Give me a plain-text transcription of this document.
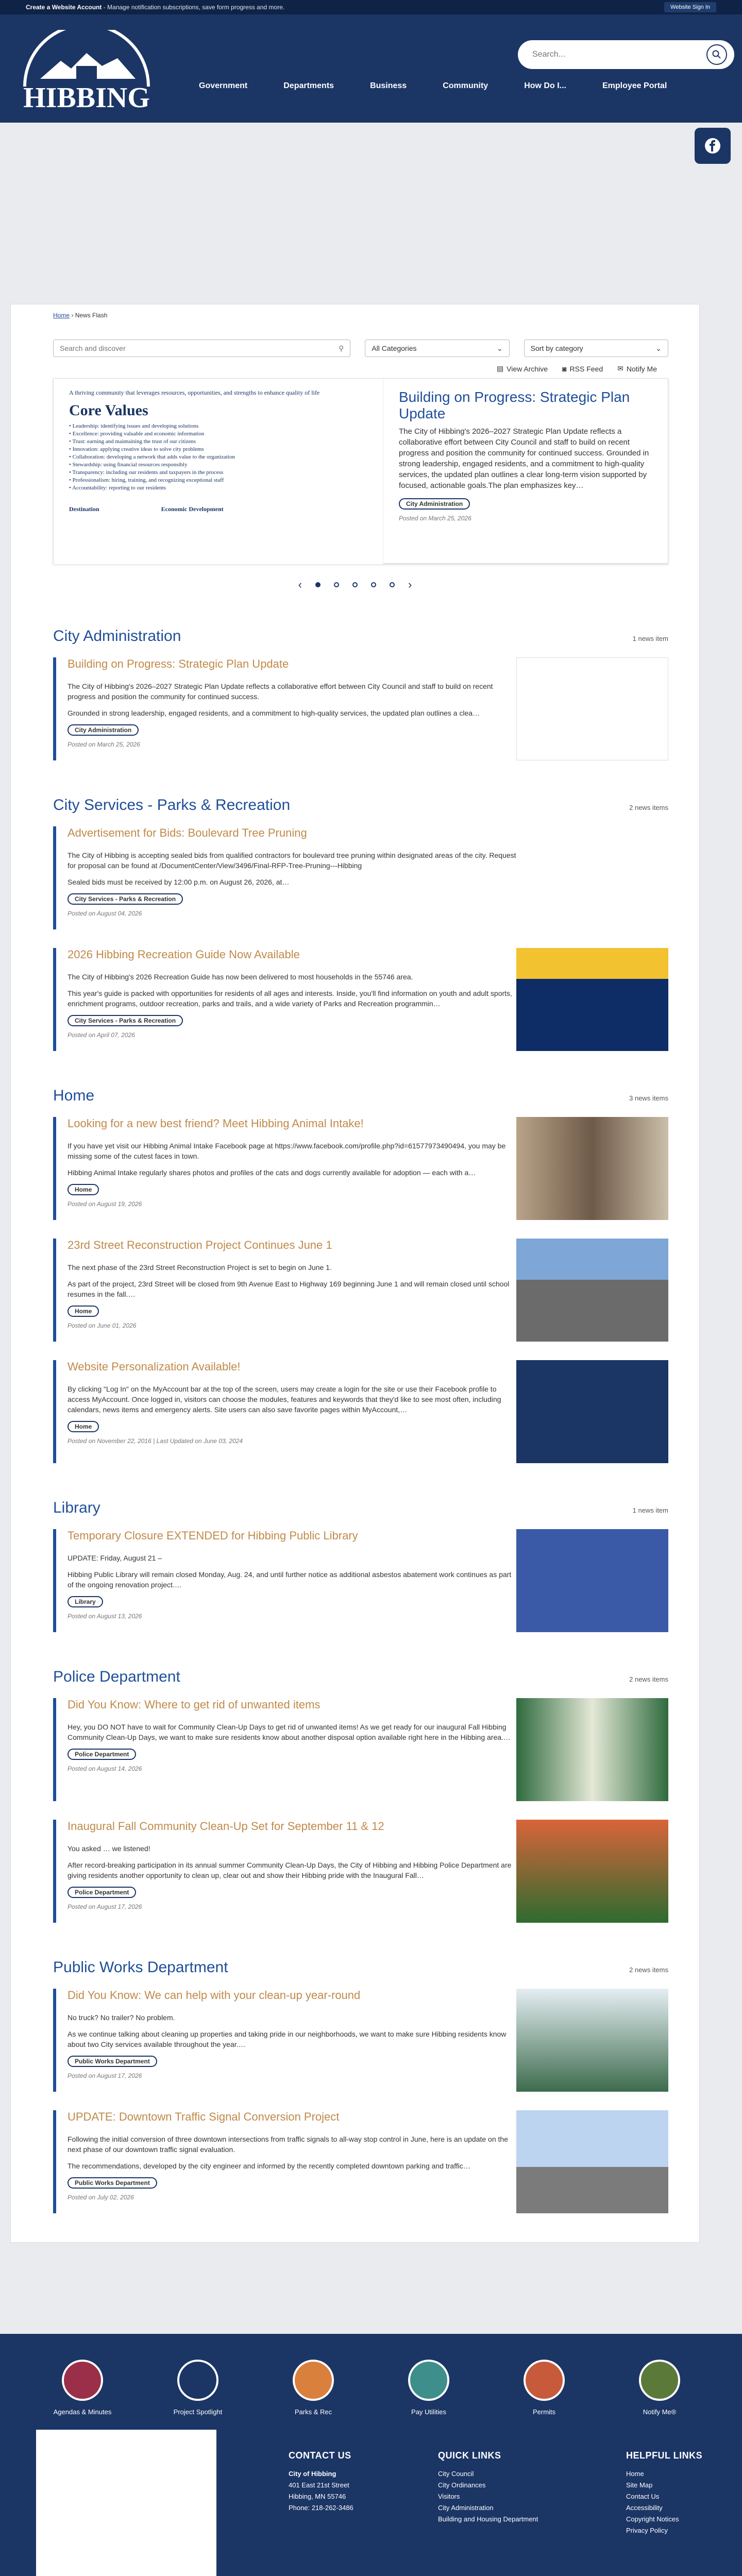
Create a Website Account - Manage notification subscriptions, save form progress and more.	Website Sign In
HIBBING
Search...	Government	Departments	Business	Community	How Do I...	Employee Portal
Home › News Flash
Search and discover	⚲	All Categories	⌄	Sort by category	⌄
▤ View Archive ◙ RSS Feed ✉ Notify Me
A thriving community that leverages resources, opportunities, and strengths to enhance quality of life
Core Values
• Leadership: identifying issues and developing solutions
• Excellence: providing valuable and economic information
• Trust: earning and maintaining the trust of our citizens
• Innovation: applying creative ideas to solve city problems
• Collaboration: developing a network that adds value to the organization
• Stewardship: using financial resources responsibly
• Transparency: including our residents and taxpayers in the process
• Professionalism: hiring, training, and recognizing exceptional staff
• Accountability: reporting to our residents
Destination	Economic Development
Building on Progress: Strategic Plan Update

The City of Hibbing's 2026–2027 Strategic Plan Update reflects a collaborative effort between City Council and staff to build on recent progress and position the community for continued success. Grounded in strong leadership, engaged residents, and a commitment to high-quality services, the updated plan outlines a clear long-term vision supported by focused, actionable goals.The plan emphasizes key…

City Administration
Posted on March 25, 2026
‹	›
City Administration	1 news item
Building on Progress: Strategic Plan Update

The City of Hibbing's 2026–2027 Strategic Plan Update reflects a collaborative effort between City Council and staff to build on recent progress and position the community for continued success.

Grounded in strong leadership, engaged residents, and a commitment to high-quality services, the updated plan outlines a clea…

City Administration
Posted on March 25, 2026
City Services - Parks & Recreation	2 news items
Advertisement for Bids: Boulevard Tree Pruning

The City of Hibbing is accepting sealed bids from qualified contractors for boulevard tree pruning within designated areas of the city. Request for proposal can be found at /DocumentCenter/View/3496/Final-RFP-Tree-Pruning---Hibbing

Sealed bids must be received by 12:00 p.m. on August 26, 2026, at…

City Services - Parks & Recreation
Posted on August 04, 2026
2026 Hibbing Recreation Guide Now Available

The City of Hibbing's 2026 Recreation Guide has now been delivered to most households in the 55746 area.

This year's guide is packed with opportunities for residents of all ages and interests. Inside, you'll find information on youth and adult sports, enrichment programs, outdoor recreation, parks and trails, and a wide variety of Parks and Recreation programmin…

City Services - Parks & Recreation
Posted on April 07, 2026
Home	3 news items
Looking for a new best friend? Meet Hibbing Animal Intake!

If you have yet visit our Hibbing Animal Intake Facebook page at https://www.facebook.com/profile.php?id=61577973490494, you may be missing some of the cutest faces in town.

Hibbing Animal Intake regularly shares photos and profiles of the cats and dogs currently available for adoption — each with a…

Home
Posted on August 19, 2026
23rd Street Reconstruction Project Continues June 1

The next phase of the 23rd Street Reconstruction Project is set to begin on June 1.

As part of the project, 23rd Street will be closed from 9th Avenue East to Highway 169 beginning June 1 and will remain closed until school resumes in the fall.…

Home
Posted on June 01, 2026
Website Personalization Available!

By clicking "Log In" on the MyAccount bar at the top of the screen, users may create a login for the site or use their Facebook profile to access MyAccount. Once logged in, visitors can choose the modules, features and keywords that they'd like to see most often, including calendars, news items and emergency alerts. Site users can also save favorite pages within MyAccount,…

Home
Posted on November 22, 2016 | Last Updated on June 03, 2024
Library	1 news item
Temporary Closure EXTENDED for Hibbing Public Library

UPDATE: Friday, August 21 –

Hibbing Public Library will remain closed Monday, Aug. 24, and until further notice as additional asbestos abatement work continues as part of the ongoing renovation project.…

Library
Posted on August 13, 2026
Police Department	2 news items
Did You Know: Where to get rid of unwanted items

Hey, you DO NOT have to wait for Community Clean-Up Days to get rid of unwanted items! As we get ready for our inaugural Fall Hibbing Community Clean-Up Days, we want to make sure residents know about another disposal option available right here in the Hibbing area.…

Police Department
Posted on August 14, 2026
Inaugural Fall Community Clean-Up Set for September 11 & 12

You asked … we listened!

After record-breaking participation in its annual summer Community Clean-Up Days, the City of Hibbing and Hibbing Police Department are giving residents another opportunity to clean up, clear out and show their Hibbing pride with the Inaugural Fall…

Police Department
Posted on August 17, 2026
Public Works Department	2 news items
Did You Know: We can help with your clean-up year-round

No truck? No trailer? No problem.

As we continue talking about cleaning up properties and taking pride in our neighborhoods, we want to make sure Hibbing residents know about two City services available throughout the year.…

Public Works Department
Posted on August 17, 2026
UPDATE: Downtown Traffic Signal Conversion Project

Following the initial conversion of three downtown intersections from traffic signals to all-way stop control in June, here is an update on the next phase of our downtown traffic signal evaluation.

The recommendations, developed by the city engineer and informed by the recently completed downtown parking and traffic…

Public Works Department
Posted on July 02, 2026
Agendas & Minutes	Project Spotlight	Parks & Rec	Pay Utilities	Permits	Notify Me®
CONTACT US
City of Hibbing
401 East 21st Street
Hibbing, MN 55746
Phone: 218-262-3486
QUICK LINKS
City Council
City Ordinances
Visitors
City Administration
Building and Housing Department
HELPFUL LINKS
Home
Site Map
Contact Us
Accessibility
Copyright Notices
Privacy Policy
